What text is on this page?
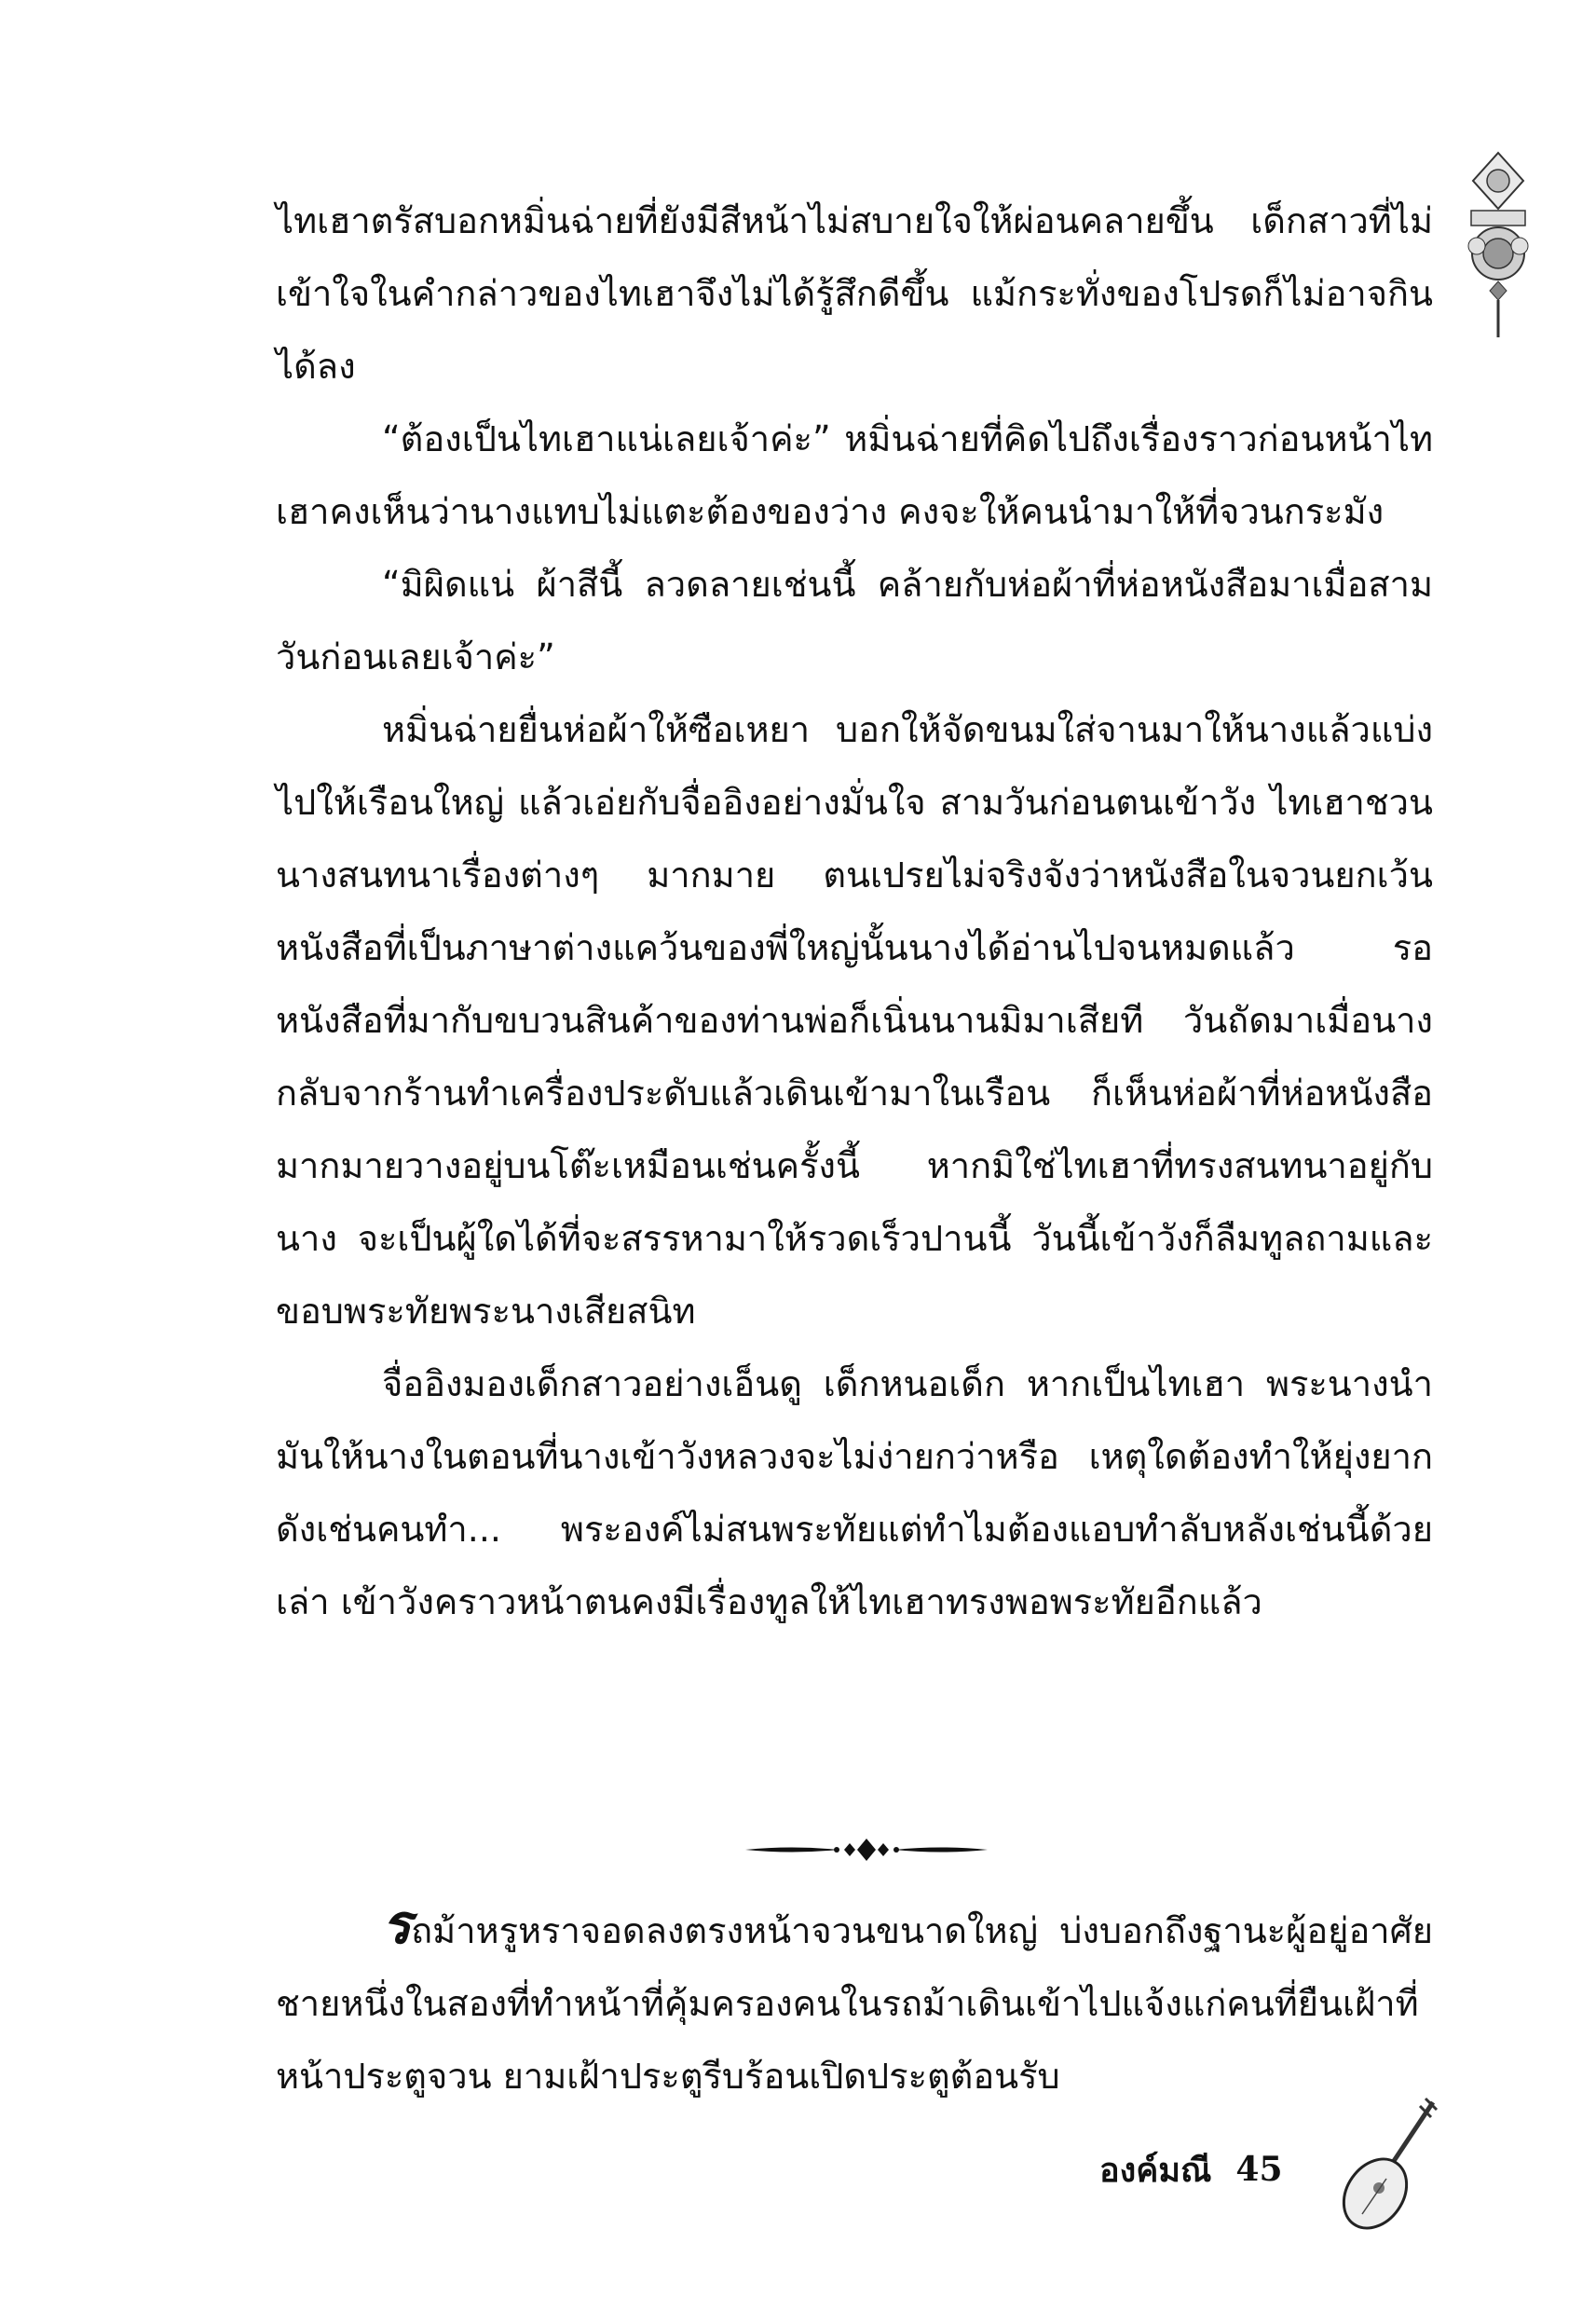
ไทเฮาตรัสบอกหมิ่นฉ่ายที่ยังมีสีหน้าไม่สบายใจให้ผ่อนคลายขึ้น เด็กสาวที่ไม่เข้าใจในคำกล่าวของไทเฮาจึงไม่ได้รู้สึกดีขึ้น แม้กระทั่งของโปรดก็ไม่อาจกินได้ลง

“ต้องเป็นไทเฮาแน่เลยเจ้าค่ะ” หมิ่นฉ่ายที่คิดไปถึงเรื่องราวก่อนหน้าไทเฮาคงเห็นว่านางแทบไม่แตะต้องของว่าง คงจะให้คนนำมาให้ที่จวนกระมัง

“มิผิดแน่ ผ้าสีนี้ ลวดลายเช่นนี้ คล้ายกับห่อผ้าที่ห่อหนังสือมาเมื่อสามวันก่อนเลยเจ้าค่ะ”

หมิ่นฉ่ายยื่นห่อผ้าให้ซือเหยา บอกให้จัดขนมใส่จานมาให้นางแล้วแบ่งไปให้เรือนใหญ่ แล้วเอ่ยกับจื่ออิงอย่างมั่นใจ สามวันก่อนตนเข้าวัง ไทเฮาชวนนางสนทนาเรื่องต่างๆ มากมาย ตนเปรยไม่จริงจังว่าหนังสือในจวนยกเว้นหนังสือที่เป็นภาษาต่างแคว้นของพี่ใหญ่นั้นนางได้อ่านไปจนหมดแล้ว รอหนังสือที่มากับขบวนสินค้าของท่านพ่อก็เนิ่นนานมิมาเสียที วันถัดมาเมื่อนางกลับจากร้านทำเครื่องประดับแล้วเดินเข้ามาในเรือน ก็เห็นห่อผ้าที่ห่อหนังสือมากมายวางอยู่บนโต๊ะเหมือนเช่นครั้งนี้ หากมิใช่ไทเฮาที่ทรงสนทนาอยู่กับนาง จะเป็นผู้ใดได้ที่จะสรรหามาให้รวดเร็วปานนี้ วันนี้เข้าวังก็ลืมทูลถามและขอบพระทัยพระนางเสียสนิท

จื่ออิงมองเด็กสาวอย่างเอ็นดู เด็กหนอเด็ก หากเป็นไทเฮา พระนางนำมันให้นางในตอนที่นางเข้าวังหลวงจะไม่ง่ายกว่าหรือ เหตุใดต้องทำให้ยุ่งยาก ดังเช่นคนทำ... พระองค์ไม่สนพระทัยแต่ทำไมต้องแอบทำลับหลังเช่นนี้ด้วยเล่า เข้าวังคราวหน้าตนคงมีเรื่องทูลให้ไทเฮาทรงพอพระทัยอีกแล้ว

รถม้าหรูหราจอดลงตรงหน้าจวนขนาดใหญ่ บ่งบอกถึงฐานะผู้อยู่อาศัย ชายหนึ่งในสองที่ทำหน้าที่คุ้มครองคนในรถม้าเดินเข้าไปแจ้งแก่คนที่ยืนเฝ้าที่หน้าประตูจวน ยามเฝ้าประตูรีบร้อนเปิดประตูต้อนรับ

องค์มณี 45
